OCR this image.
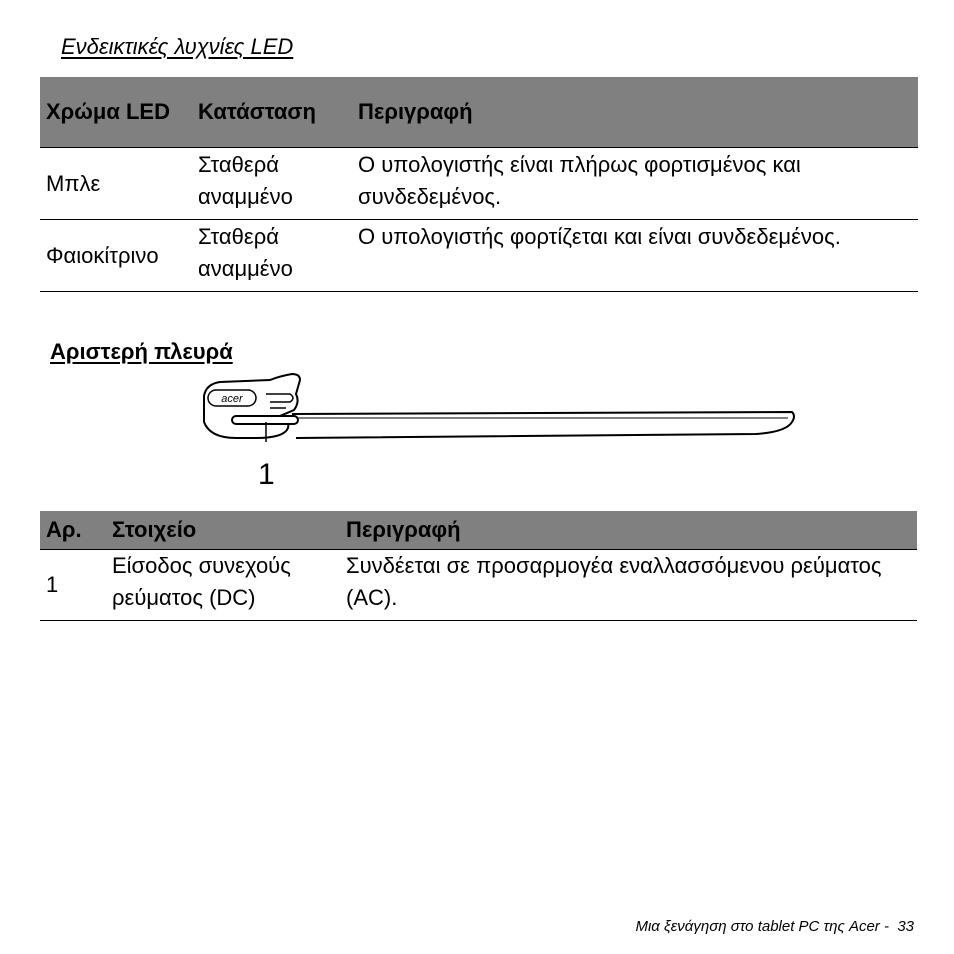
Ενδεικτικές λυχνίες LED
Χρώμα LED	Κατάσταση	Περιγραφή
Μπλε	Σταθερά αναμμένο	Ο υπολογιστής είναι πλήρως φορτισμένος και συνδεδεμένος.
Φαιοκίτρινο	Σταθερά αναμμένο	Ο υπολογιστής φορτίζεται και είναι συνδεδεμένος.
Αριστερή πλευρά
acer
1
Αρ.	Στοιχείο	Περιγραφή
1	Είσοδος συνεχούς ρεύματος (DC)	Συνδέεται σε προσαρμογέα εναλλασσόμενου ρεύματος (AC).
Μια ξενάγηση στο tablet PC της Acer - 33
